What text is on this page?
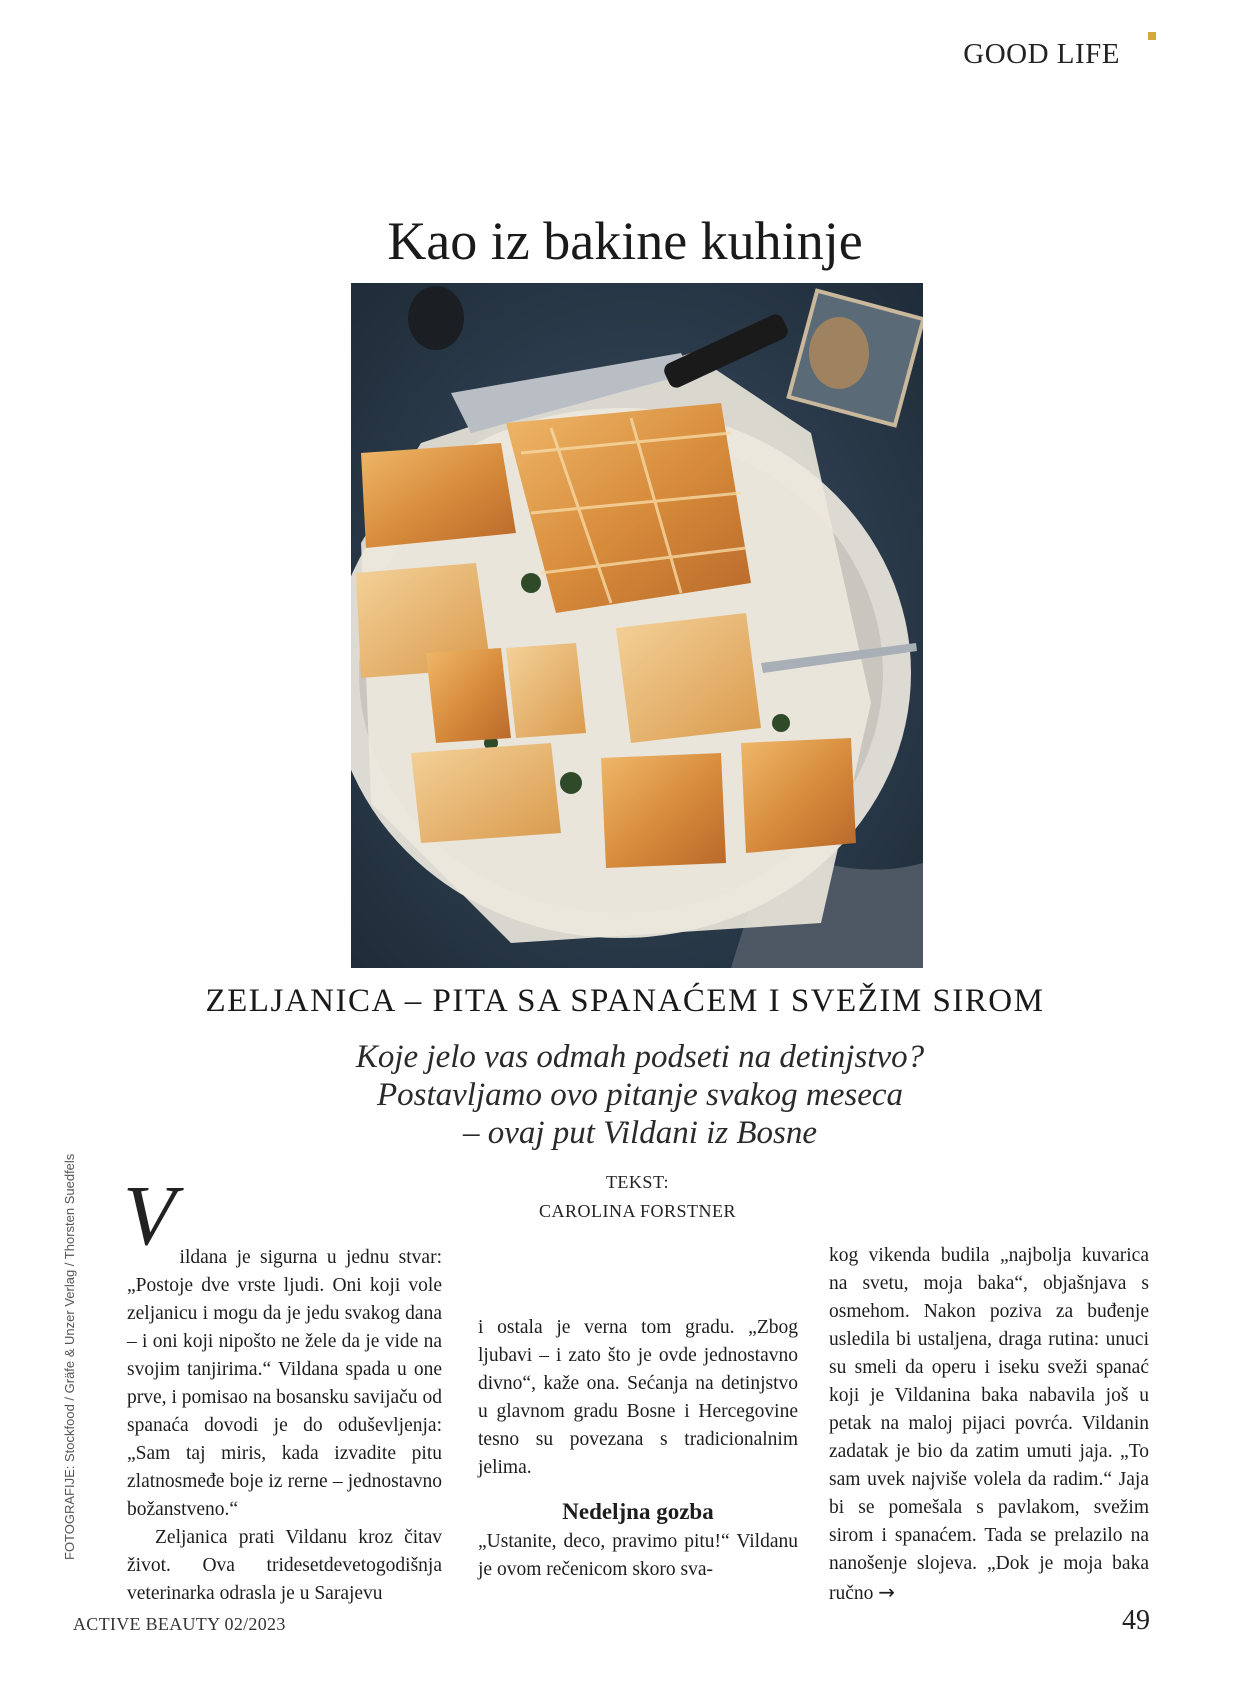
GOOD LIFE
Kao iz bakine kuhinje
ZELJANICA – PITA SA SPANAĆEM I SVEŽIM SIROM
Koje jelo vas odmah podseti na detinjstvo?
Postavljamo ovo pitanje svakog meseca
– ovaj put Vildani iz Bosne
TEKST:
CAROLINA FORSTNER
FOTOGRAFIJE: Stockfood / Gräfe & Unzer Verlag / Thorsten Suedfels V ildana je sigurna u jednu stvar: „Postoje dve vrste ljudi. Oni koji vole zeljanicu i mogu da je jedu svakog dana – i oni koji nipošto ne žele da je vide na svojim tanjirima.“ Vildana spada u one prve, i pomisao na bosansku savijaču od spanaća dovodi je do oduševljenja: „Sam taj miris, kada izvadite pitu zlatnosmeđe boje iz rerne – jednostavno božanstveno.“

Zeljanica prati Vildanu kroz čitav život. Ova tridesetdevetogodišnja veterinarka odrasla je u Sarajevu

i ostala je verna tom gradu. „Zbog ljubavi – i zato što je ovde jednostavno divno“, kaže ona. Sećanja na detinjstvo u glavnom gradu Bosne i Hercegovine tesno su povezana s tradicionalnim jelima.

Nedeljna gozba

„Ustanite, deco, pravimo pitu!“ Vildanu je ovom rečenicom skoro sva-

kog vikenda budila „najbolja kuvarica na svetu, moja baka“, objašnjava s osmehom. Nakon poziva za buđenje usledila bi ustaljena, draga rutina: unuci su smeli da operu i iseku sveži spanać koji je Vildanina baka nabavila još u petak na maloj pijaci povrća. Vildanin zadatak je bio da zatim umuti jaja. „To sam uvek najviše volela da radim.“ Jaja bi se pomešala s pavlakom, svežim sirom i spanaćem. Tada se prelazilo na nanošenje slojeva. „Dok je moja baka ručno →

ACTIVE BEAUTY 02/2023	49
